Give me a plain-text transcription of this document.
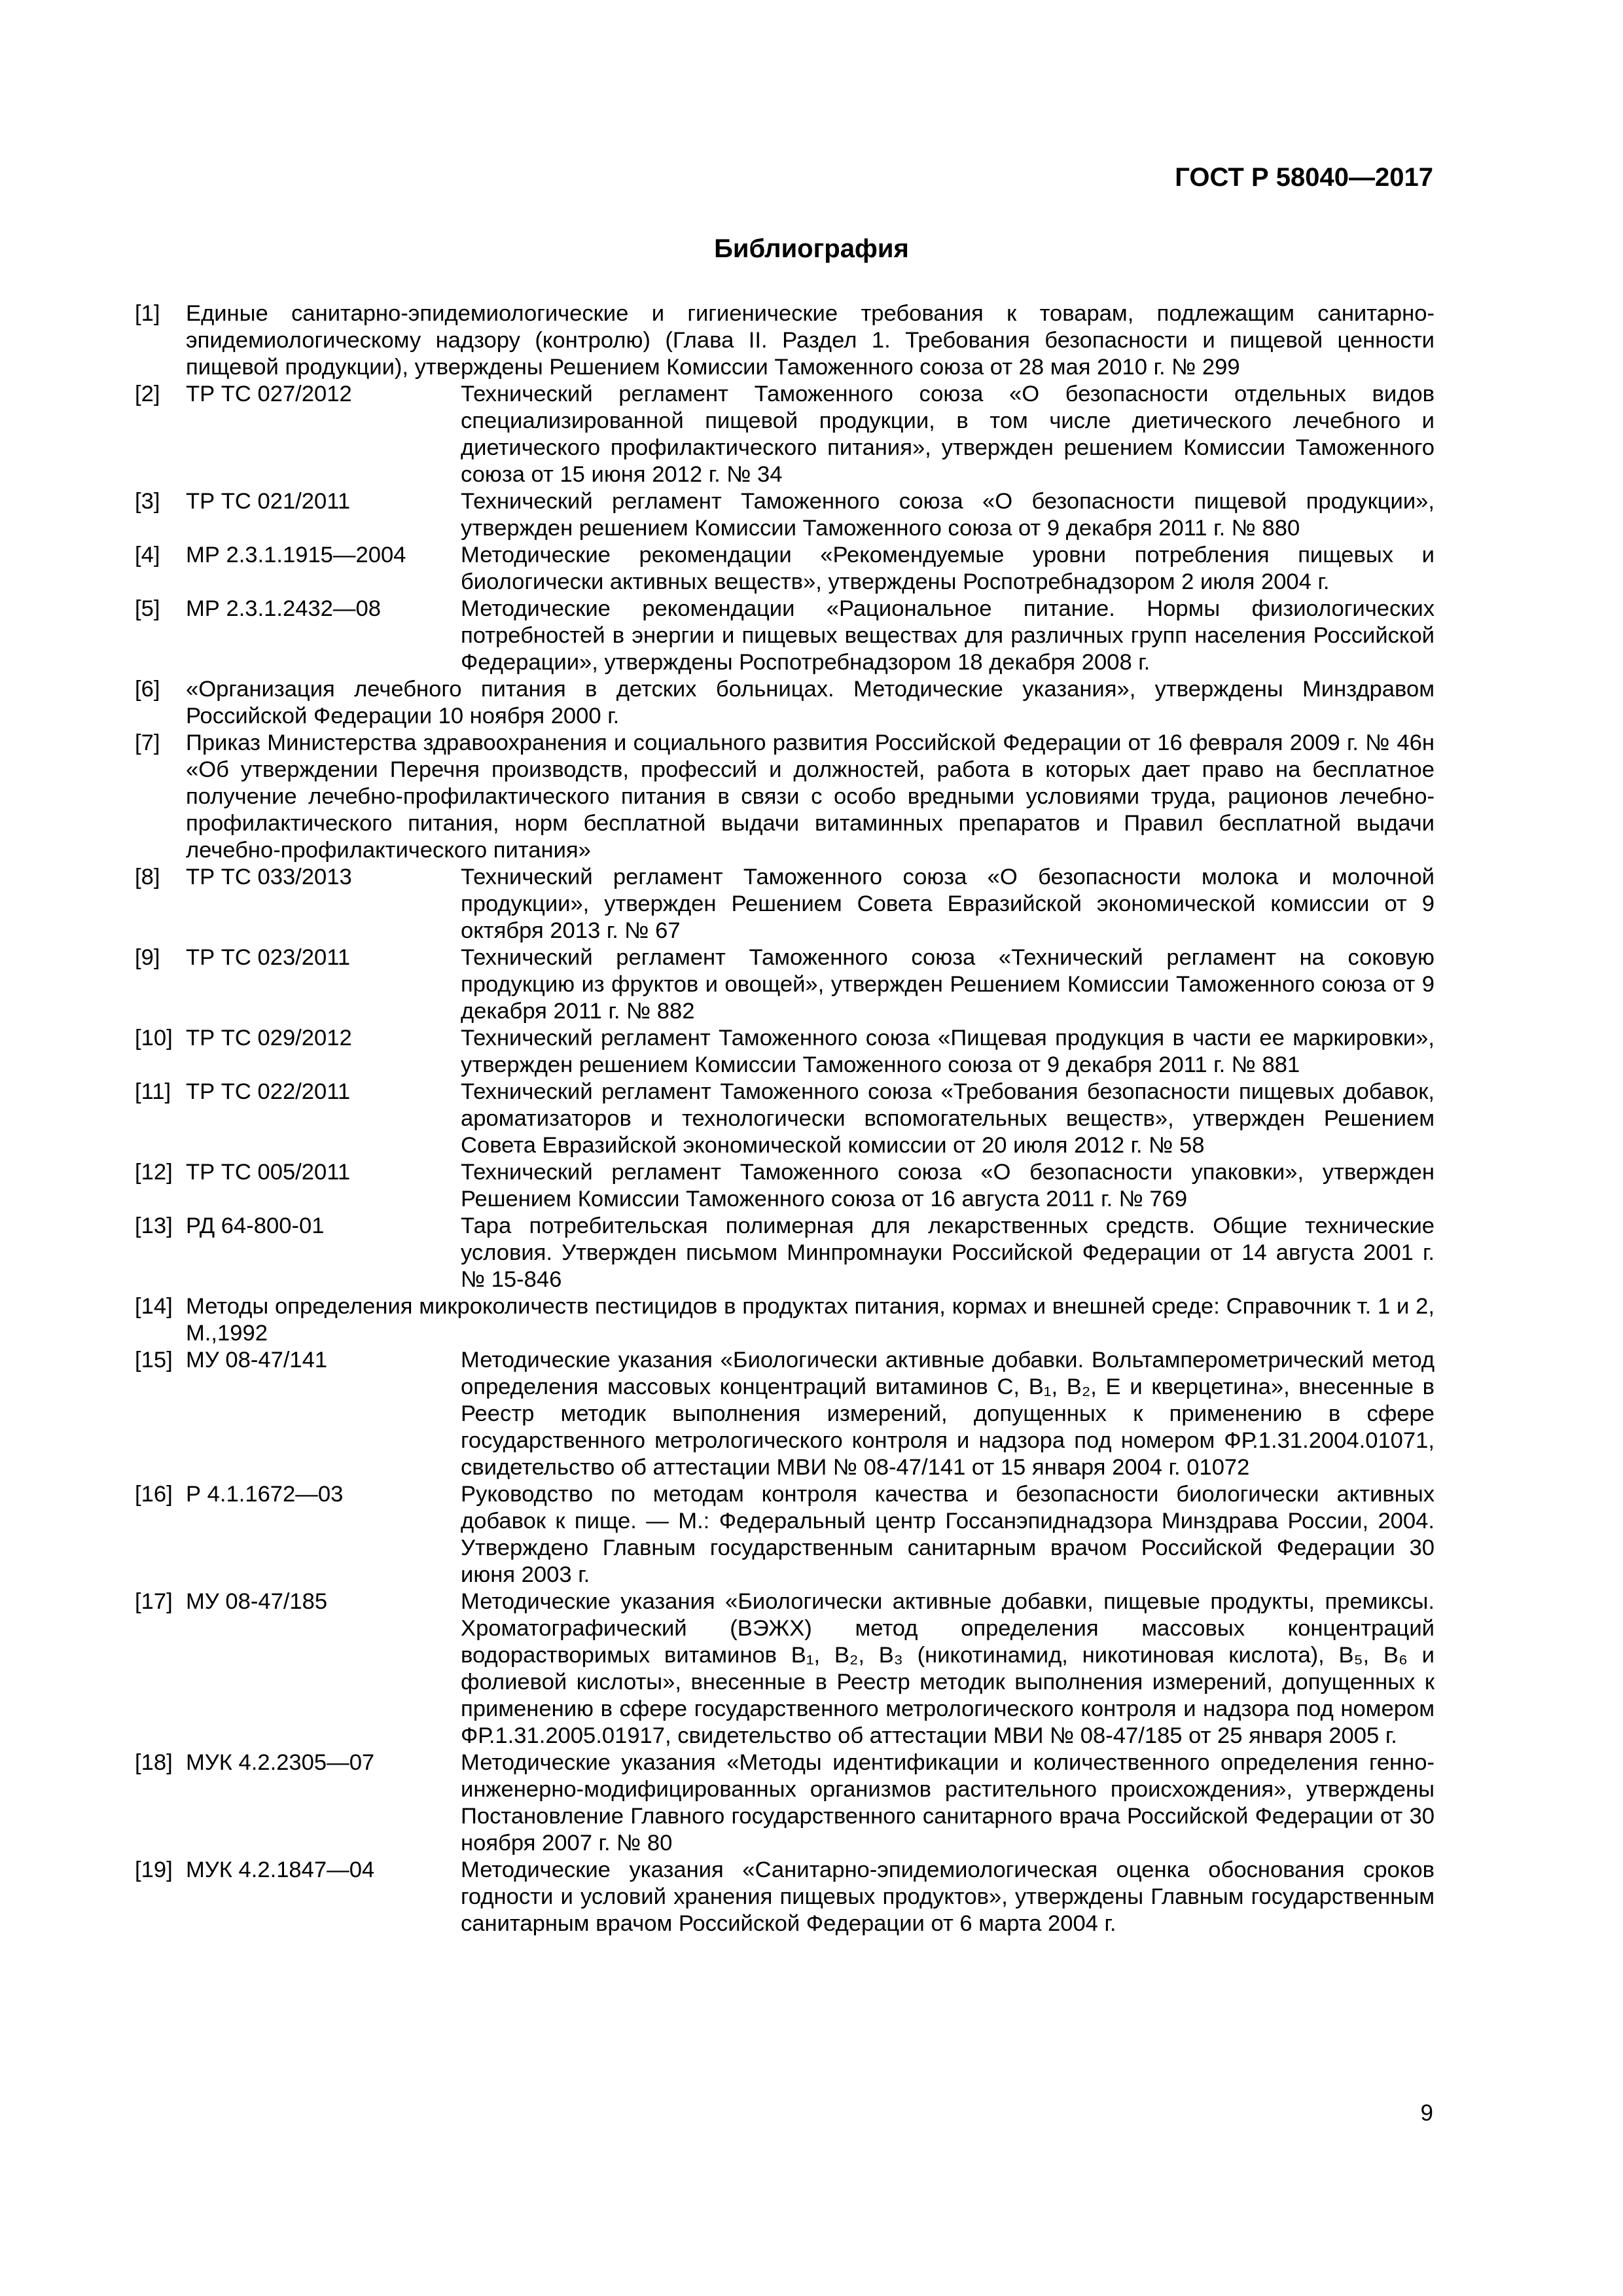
ГОСТ Р 58040—2017
Библиография
[1]	Единые санитарно-эпидемиологические и гигиенические требования к товарам, подлежащим санитарно-эпидемиологическому надзору (контролю) (Глава II. Раздел 1. Требования безопасности и пищевой ценности пищевой продукции), утверждены Решением Комиссии Таможенного союза от 28 мая 2010 г. № 299
[2]	ТР ТС 027/2012	Технический регламент Таможенного союза «О безопасности отдельных видов специализированной пищевой продукции, в том числе диетического лечебного и диетического профилактического питания», утвержден решением Комиссии Таможенного союза от 15 июня 2012 г. № 34
[3]	ТР ТС 021/2011	Технический регламент Таможенного союза «О безопасности пищевой продукции», утвержден решением Комиссии Таможенного союза от 9 декабря 2011 г. № 880
[4]	МР 2.3.1.1915—2004	Методические рекомендации «Рекомендуемые уровни потребления пищевых и биологически активных веществ», утверждены Роспотребнадзором 2 июля 2004 г.
[5]	МР 2.3.1.2432—08	Методические рекомендации «Рациональное питание. Нормы физиологических потребностей в энергии и пищевых веществах для различных групп населения Российской Федерации», утверждены Роспотребнадзором 18 декабря 2008 г.
[6]	«Организация лечебного питания в детских больницах. Методические указания», утверждены Минздравом Российской Федерации 10 ноября 2000 г.
[7]	Приказ Министерства здравоохранения и социального развития Российской Федерации от 16 февраля 2009 г. № 46н «Об утверждении Перечня производств, профессий и должностей, работа в которых дает право на бесплатное получение лечебно-профилактического питания в связи с особо вредными условиями труда, рационов лечебно-профилактического питания, норм бесплатной выдачи витаминных препаратов и Правил бесплатной выдачи лечебно-профилактического питания»
[8]	ТР ТС 033/2013	Технический регламент Таможенного союза «О безопасности молока и молочной продукции», утвержден Решением Совета Евразийской экономической комиссии от 9 октября 2013 г. № 67
[9]	ТР ТС 023/2011	Технический регламент Таможенного союза «Технический регламент на соковую продукцию из фруктов и овощей», утвержден Решением Комиссии Таможенного союза от 9 декабря 2011 г. № 882
[10] ТР ТС 029/2012	Технический регламент Таможенного союза «Пищевая продукция в части ее маркировки», утвержден решением Комиссии Таможенного союза от 9 декабря 2011 г. № 881
[11] ТР ТС 022/2011	Технический регламент Таможенного союза «Требования безопасности пищевых добавок, ароматизаторов и технологически вспомогательных веществ», утвержден Решением Совета Евразийской экономической комиссии от 20 июля 2012 г. № 58
[12] ТР ТС 005/2011	Технический регламент Таможенного союза «О безопасности упаковки», утвержден Решением Комиссии Таможенного союза от 16 августа 2011 г. № 769
[13] РД 64-800-01	Тара потребительская полимерная для лекарственных средств. Общие технические условия. Утвержден письмом Минпромнауки Российской Федерации от 14 августа 2001 г. № 15-846
[14] Методы определения микроколичеств пестицидов в продуктах питания, кормах и внешней среде: Справочник т. 1 и 2, М.,1992
[15] МУ 08-47/141	Методические указания «Биологически активные добавки. Вольтамперометрический метод определения массовых концентраций витаминов С, В₁, В₂, Е и кверцетина», внесенные в Реестр методик выполнения измерений, допущенных к применению в сфере государственного метрологического контроля и надзора под номером ФР.1.31.2004.01071, свидетельство об аттестации МВИ № 08-47/141 от 15 января 2004 г. 01072
[16] Р 4.1.1672—03	Руководство по методам контроля качества и безопасности биологически активных добавок к пище. — М.: Федеральный центр Госсанэпиднадзора Минздрава России, 2004. Утверждено Главным государственным санитарным врачом Российской Федерации 30 июня 2003 г.
[17] МУ 08-47/185	Методические указания «Биологически активные добавки, пищевые продукты, премиксы. Хроматографический (ВЭЖХ) метод определения массовых концентраций водорастворимых витаминов В₁, В₂, В₃ (никотинамид, никотиновая кислота), В₅, В₆ и фолиевой кислоты», внесенные в Реестр методик выполнения измерений, допущенных к применению в сфере государственного метрологического контроля и надзора под номером ФР.1.31.2005.01917, свидетельство об аттестации МВИ № 08-47/185 от 25 января 2005 г.
[18] МУК 4.2.2305—07	Методические указания «Методы идентификации и количественного определения генно-инженерно-модифицированных организмов растительного происхождения», утверждены Постановление Главного государственного санитарного врача Российской Федерации от 30 ноября 2007 г. № 80
[19] МУК 4.2.1847—04	Методические указания «Санитарно-эпидемиологическая оценка обоснования сроков годности и условий хранения пищевых продуктов», утверждены Главным государственным санитарным врачом Российской Федерации от 6 марта 2004 г.
9
